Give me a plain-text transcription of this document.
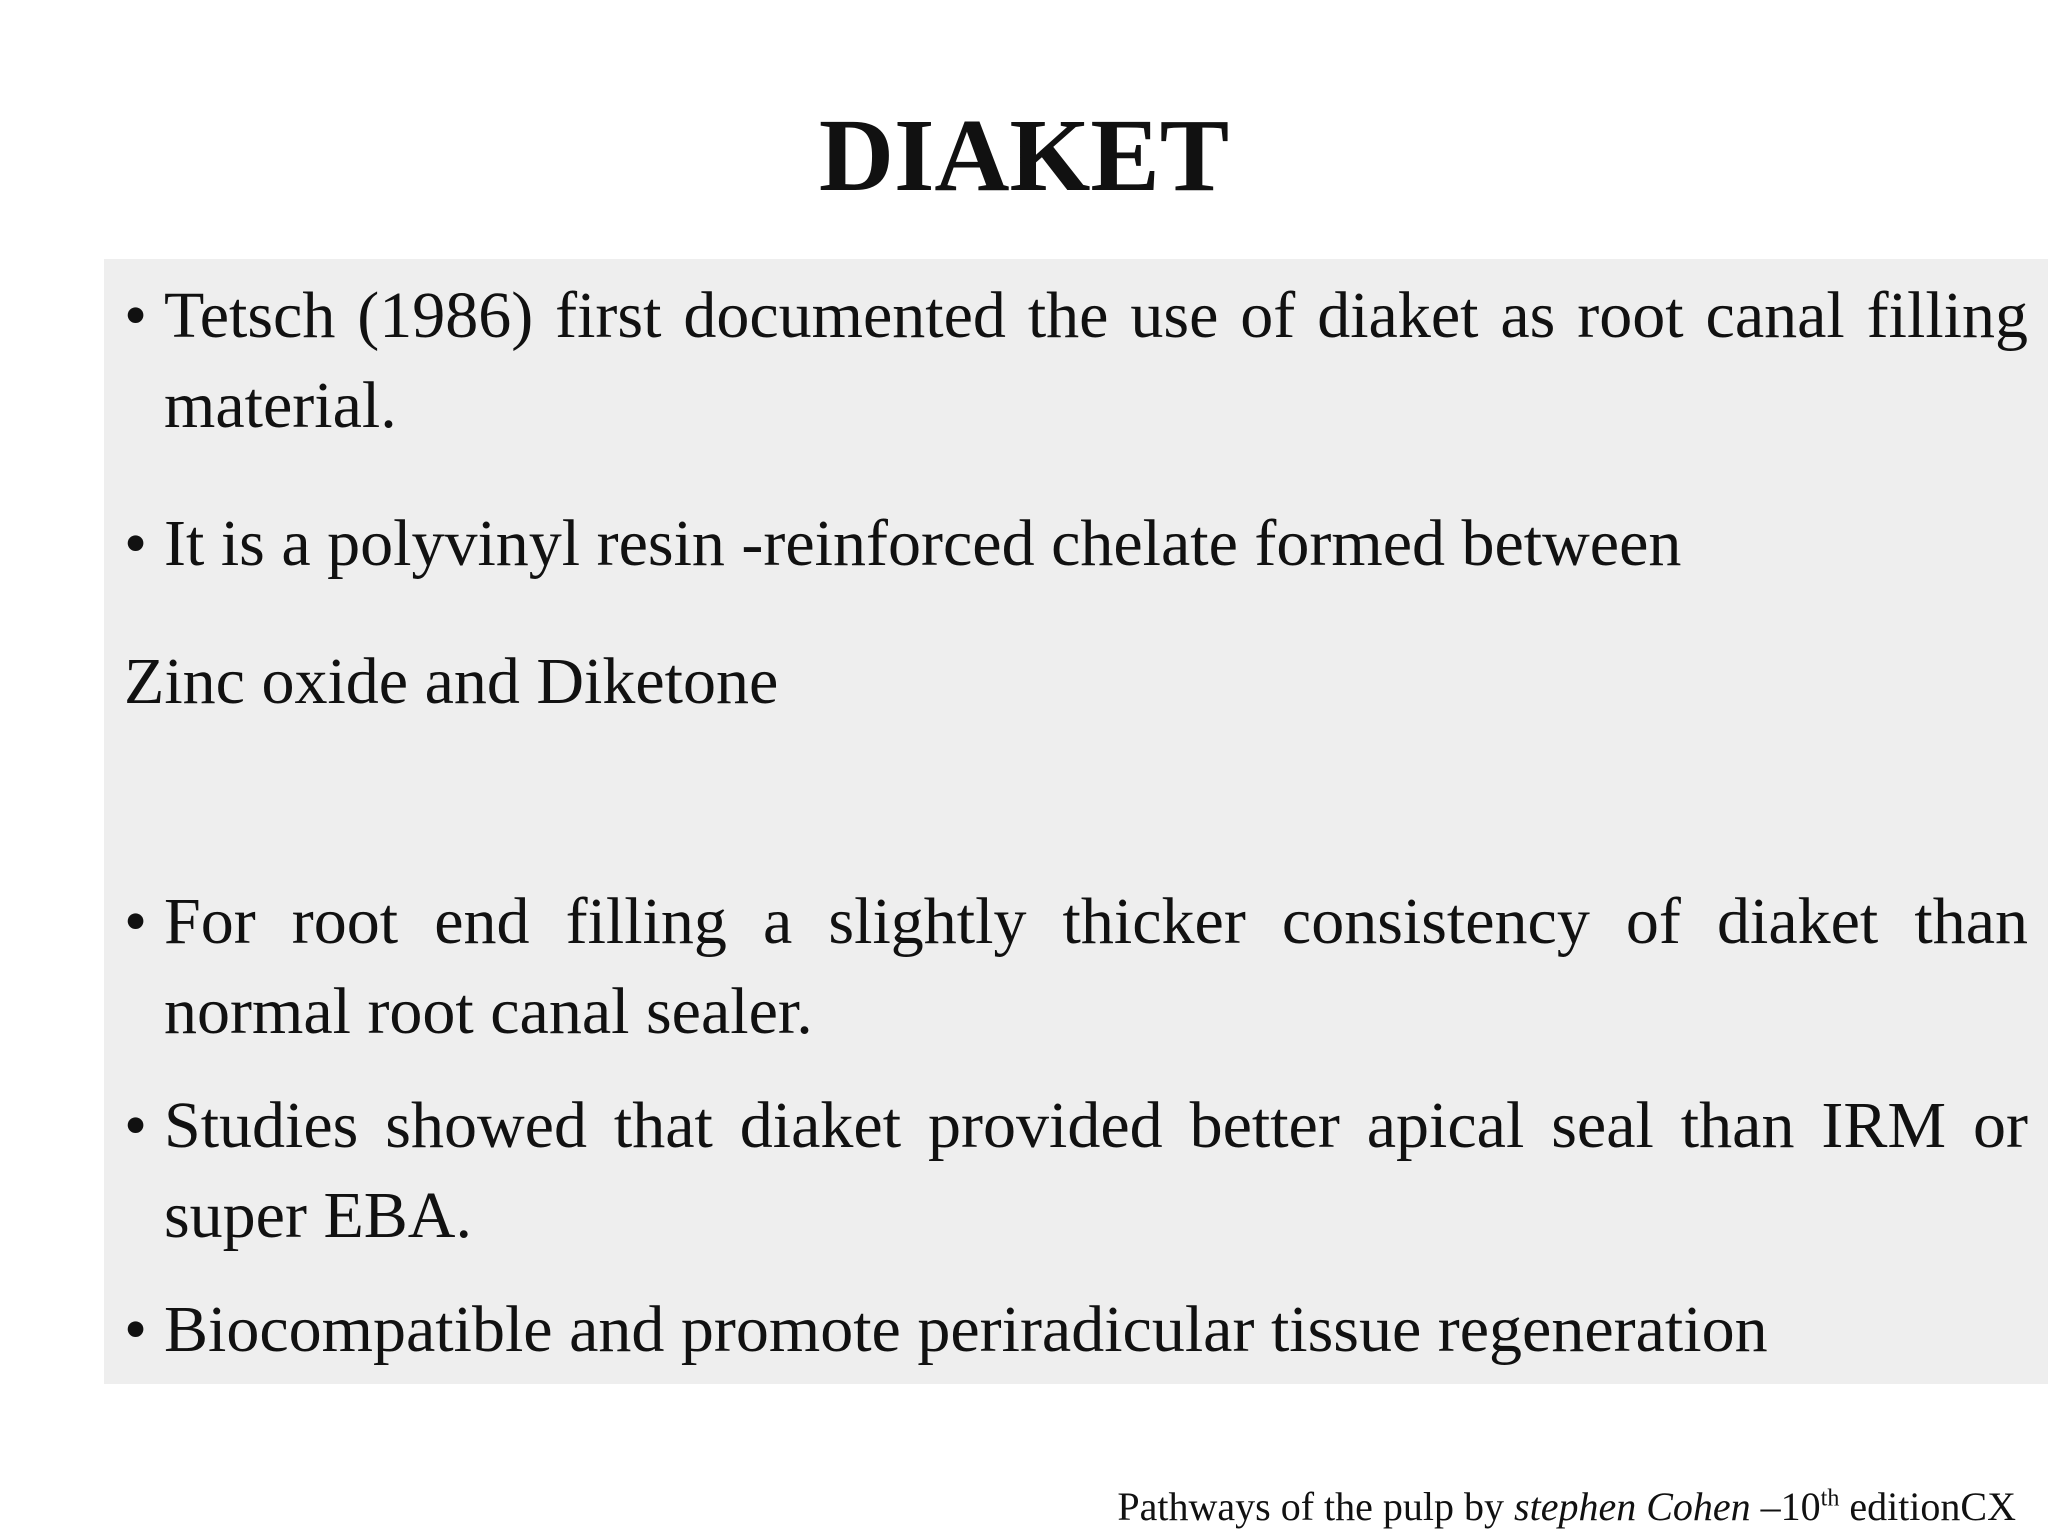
DIAKET
• Tetsch (1986) first documented the use of diaket as root canal filling material.
• It is a polyvinyl resin -reinforced chelate formed between
Zinc oxide and Diketone
• For root end filling a slightly thicker consistency of diaket than normal root canal sealer.
• Studies showed that diaket provided better apical seal than IRM or super EBA.
• Biocompatible and promote periradicular tissue regeneration
Pathways of the pulp by stephen Cohen –10th editionCX
